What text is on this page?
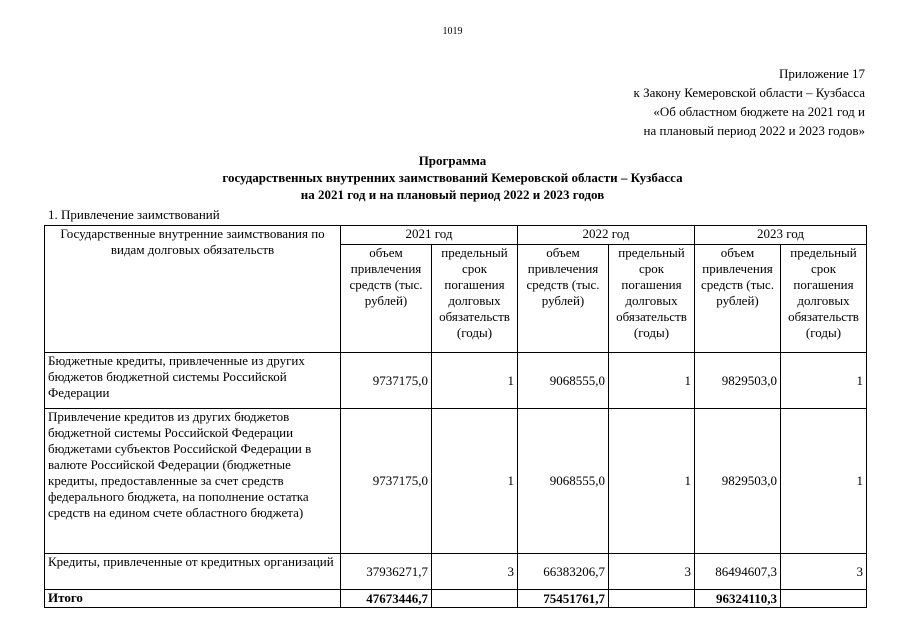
1019
Приложение 17
к Закону Кемеровской области – Кузбасса
«Об областном бюджете на 2021 год и
на плановый период 2022 и 2023 годов»
Программа
государственных внутренних заимствований Кемеровской области – Кузбасса
на 2021 год и на плановый период 2022 и 2023 годов
1. Привлечение заимствований
Государственные внутренние заимствования по видам долговых обязательств	2021 год		2022 год		2023 год	
	объем привлечения средств (тыс. рублей)	предельный срок погашения долговых обязательств (годы)	объем привлечения средств (тыс. рублей)	предельный срок погашения долговых обязательств (годы)	объем привлечения средств (тыс. рублей)	предельный срок погашения долговых обязательств (годы)
Бюджетные кредиты, привлеченные из других бюджетов бюджетной системы Российской Федерации	9737175,0	1	9068555,0	1	9829503,0	1
Привлечение кредитов из других бюджетов бюджетной системы Российской Федерации бюджетами субъектов Российской Федерации в валюте Российской Федерации (бюджетные кредиты, предоставленные за счет средств федерального бюджета, на пополнение остатка средств на едином счете областного бюджета)	9737175,0	1	9068555,0	1	9829503,0	1
Кредиты, привлеченные от кредитных организаций	37936271,7	3	66383206,7	3	86494607,3	3
Итого	47673446,7		75451761,7		96324110,3	
